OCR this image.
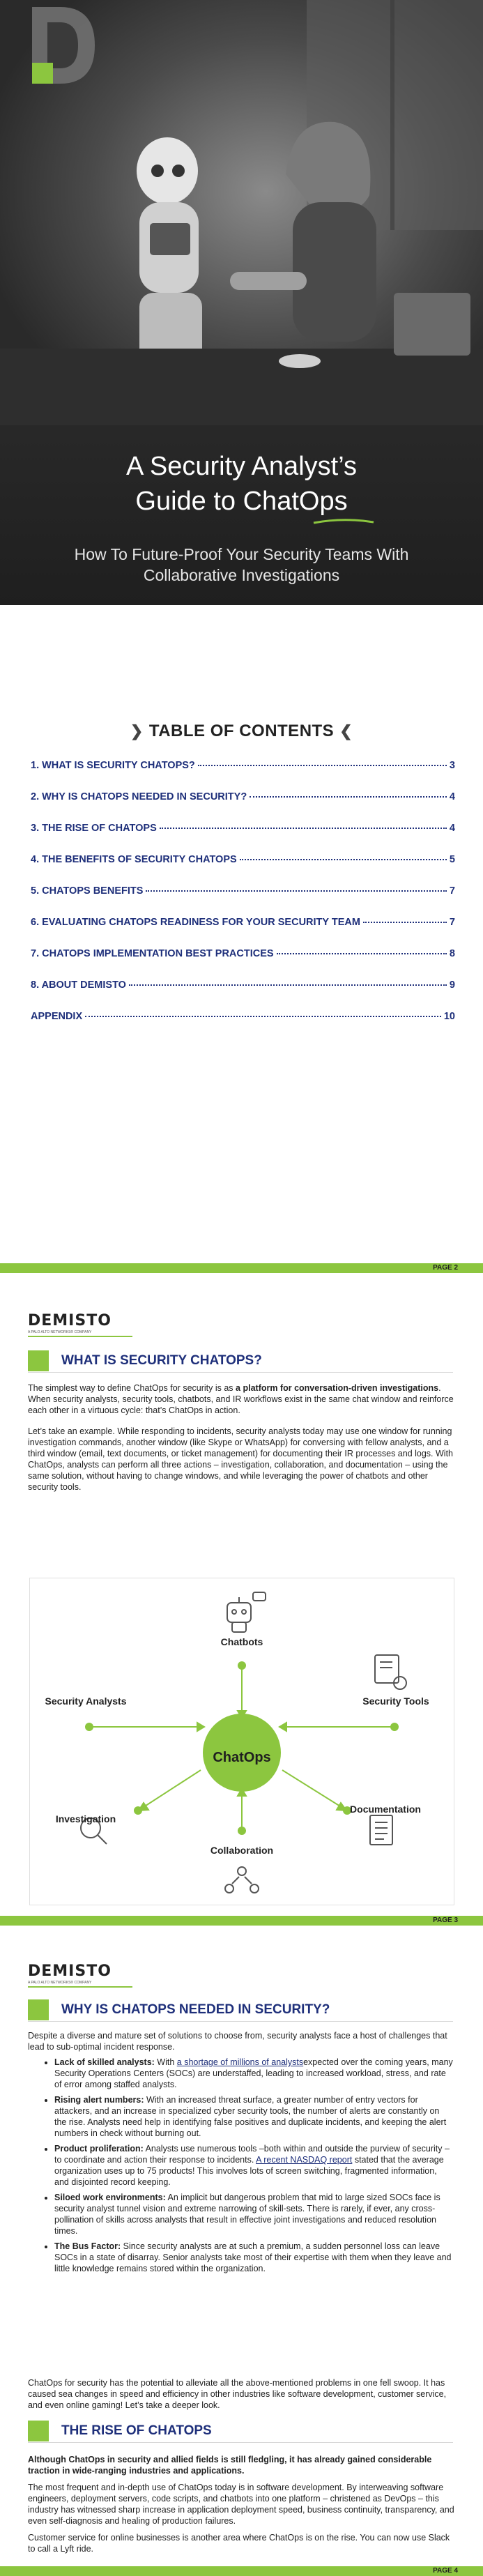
A Security Analyst’s
Guide to ChatOps
How To Future-Proof Your Security Teams With
Collaborative Investigations
❯ TABLE OF CONTENTS ❮
1. WHAT IS SECURITY CHATOPS?	3
2. WHY IS CHATOPS NEEDED IN SECURITY?	4
3. THE RISE OF CHATOPS	4
4. THE BENEFITS OF SECURITY CHATOPS	5
5. CHATOPS BENEFITS	7
6. EVALUATING CHATOPS READINESS FOR YOUR SECURITY TEAM	7
7. CHATOPS IMPLEMENTATION BEST PRACTICES	8
8. ABOUT DEMISTO	9
APPENDIX	10
PAGE 2
DEMISTO
A PALO ALTO NETWORKS® COMPANY
WHAT IS SECURITY CHATOPS?
The simplest way to define ChatOps for security is as a platform for conversation-driven investigations. When security analysts, security tools, chatbots, and IR workflows exist in the same chat window and reinforce each other in a virtuous cycle: that’s ChatOps in action.
Let’s take an example. While responding to incidents, security analysts today may use one window for running investigation commands, another window (like Skype or WhatsApp) for conversing with fellow analysts, and a third window (email, text documents, or ticket management) for documenting their IR processes and logs. With ChatOps, analysts can perform all three actions – investigation, collaboration, and documentation – using the same solution, without having to change windows, and while leveraging the power of chatbots and other security tools.
ChatOps
Chatbots
Security Analysts	Security Tools
Investigation
Documentation
Collaboration
PAGE 3
DEMISTO
A PALO ALTO NETWORKS® COMPANY
WHY IS CHATOPS NEEDED IN SECURITY?
Despite a diverse and mature set of solutions to choose from, security analysts face a host of challenges that lead to sub-optimal incident response.
• Lack of skilled analysts: With a shortage of millions of analystsexpected over the coming years, many Security Operations Centers (SOCs) are understaffed, leading to increased workload, stress, and rate of error among staffed analysts.
• Rising alert numbers: With an increased threat surface, a greater number of entry vectors for attackers, and an increase in specialized cyber security tools, the number of alerts are constantly on the rise. Analysts need help in identifying false positives and duplicate incidents, and keeping the alert numbers in check without burning out.
• Product proliferation: Analysts use numerous tools –both within and outside the purview of security – to coordinate and action their response to incidents. A recent NASDAQ report stated that the average organization uses up to 75 products! This involves lots of screen switching, fragmented information, and disjointed record keeping.
• Siloed work environments: An implicit but dangerous problem that mid to large sized SOCs face is security analyst tunnel vision and extreme narrowing of skill-sets. There is rarely, if ever, any cross-pollination of skills across analysts that result in effective joint investigations and reduced resolution times.
• The Bus Factor: Since security analysts are at such a premium, a sudden personnel loss can leave SOCs in a state of disarray. Senior analysts take most of their expertise with them when they leave and little knowledge remains stored within the organization.
ChatOps for security has the potential to alleviate all the above-mentioned problems in one fell swoop. It has caused sea changes in speed and efficiency in other industries like software development, customer service, and even online gaming! Let’s take a deeper look.
THE RISE OF CHATOPS
Although ChatOps in security and allied fields is still fledgling, it has already gained considerable traction in wide-ranging industries and applications.
The most frequent and in-depth use of ChatOps today is in software development. By interweaving software engineers, deployment servers, code scripts, and chatbots into one platform – christened as DevOps – this industry has witnessed sharp increase in application deployment speed, business continuity, transparency, and even self-diagnosis and healing of production failures.
Customer service for online businesses is another area where ChatOps is on the rise. You can now use Slack to call a Lyft ride.
PAGE 4
